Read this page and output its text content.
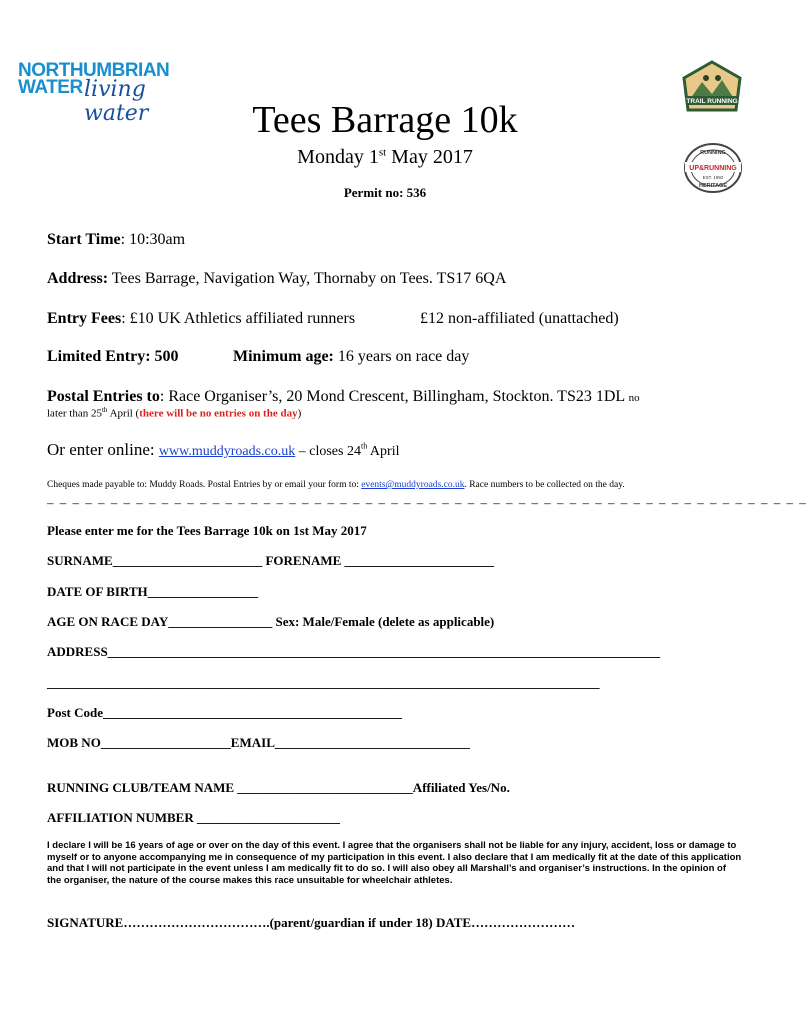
NORTHUMBRIAN
WATER living water	TRAIL RUNNING
RUNNING
UP&RUNNING
EST. 1992
HERITAGE
Tees Barrage 10k
Monday 1st May 2017
Permit no: 536
Start Time: 10:30am
Address: Tees Barrage, Navigation Way, Thornaby on Tees. TS17 6QA
Entry Fees: £10 UK Athletics affiliated runners	£12 non-affiliated (unattached)
Limited Entry: 500	Minimum age: 16 years on race day
Postal Entries to: Race Organiser’s, 20 Mond Crescent, Billingham, Stockton. TS23 1DL no
later than 25th April (there will be no entries on the day)
Or enter online: www.muddyroads.co.uk – closes 24th April
Cheques made payable to: Muddy Roads. Postal Entries by or email your form to: events@muddyroads.co.uk. Race numbers to be collected on the day.
– – – – – – – – – – – – – – – – – – – – – – – – – – – – – – – – – – – – – – – – – – – – – – – – – – – – – – – – – – – –
Please enter me for the Tees Barrage 10k on 1st May 2017
SURNAME_______________________ FORENAME _______________________
DATE OF BIRTH_________________
AGE ON RACE DAY________________ Sex: Male/Female (delete as applicable)
ADDRESS_____________________________________________________________________________________
_____________________________________________________________________________________
Post Code______________________________________________
MOB NO____________________EMAIL______________________________
RUNNING CLUB/TEAM NAME ___________________________Affiliated Yes/No.
AFFILIATION NUMBER ______________________
I declare I will be 16 years of age or over on the day of this event. I agree that the organisers shall not be liable for any injury, accident, loss or damage to myself or to anyone accompanying me in consequence of my participation in this event. I also declare that I am medically fit at the date of this application and that I will not participate in the event unless I am medically fit to do so. I will also obey all Marshall’s and organiser’s instructions. In the opinion of the organiser, the nature of the course makes this race unsuitable for wheelchair athletes.
SIGNATURE…………………………….(parent/guardian if under 18) DATE……………………
